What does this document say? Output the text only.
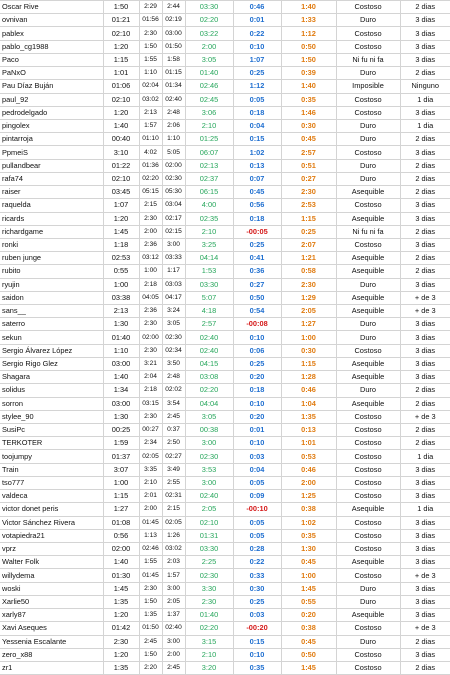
Oscar Rive	1:50	2:29	2:44	03:30	0:46	1:40	Costoso	2 dias
ovnivan	01:21	01:56	02:19	02:20	0:01	1:33	Duro	3 dias
pablex	02:10	2:30	03:00	03:22	0:22	1:12	Costoso	3 dias
pablo_cg1988	1:20	1:50	01:50	2:00	0:10	0:50	Costoso	3 dias
Paco	1:15	1:55	1:58	3:05	1:07	1:50	Ni fu ni fa	3 dias
PaNxO	1:01	1:10	01:15	01:40	0:25	0:39	Duro	2 dias
Pau Díaz Buján	01:06	02:04	01:34	02:46	1:12	1:40	Imposible	Ninguno
paul_92	02:10	03:02	02:40	02:45	0:05	0:35	Costoso	1 dia
pedrodelgado	1:20	2:13	2:48	3:06	0:18	1:46	Costoso	3 dias
pingolex	1:40	1:57	2:06	2:10	0:04	0:30	Duro	1 dia
pintarroja	00:40	01:10	1:10	01:25	0:15	0:45	Duro	2 dias
PpmeiS	3:10	4:02	5:05	06:07	1:02	2:57	Costoso	3 dias
pullandbear	01:22	01:36	02:00	02:13	0:13	0:51	Duro	2 dias
rafa74	02:10	02:20	02:30	02:37	0:07	0:27	Duro	2 dias
raiser	03:45	05:15	05:30	06:15	0:45	2:30	Asequible	2 dias
raquelda	1:07	2:15	03:04	4:00	0:56	2:53	Costoso	3 dias
ricards	1:20	2:30	02:17	02:35	0:18	1:15	Asequible	3 dias
richardgame	1:45	2:00	02:15	2:10	-00:05	0:25	Ni fu ni fa	2 dias
ronki	1:18	2:36	3:00	3:25	0:25	2:07	Costoso	3 dias
ruben junge	02:53	03:12	03:33	04:14	0:41	1:21	Asequible	2 dias
rubito	0:55	1:00	1:17	1:53	0:36	0:58	Asequible	2 dias
ryujin	1:00	2:18	03:03	03:30	0:27	2:30	Duro	3 dias
saidon	03:38	04:05	04:17	5:07	0:50	1:29	Asequible	+ de 3
sans__	2:13	2:36	3:24	4:18	0:54	2:05	Asequible	+ de 3
saterro	1:30	2:30	3:05	2:57	-00:08	1:27	Duro	3 dias
sekun	01:40	02:00	02:30	02:40	0:10	1:00	Duro	3 dias
Sergio Álvarez López	1:10	2:30	02:34	02:40	0:06	0:30	Costoso	3 dias
Sergio Rigo Glez	03:00	3:21	3:50	04:15	0:25	1:15	Asequible	3 dias
Shagara	1:40	2:04	2:48	03:08	0:20	1:28	Asequible	3 dias
solidus	1:34	2:18	02:02	02:20	0:18	0:46	Duro	2 dias
sorron	03:00	03:15	3:54	04:04	0:10	1:04	Asequible	2 dias
stylee_90	1:30	2:30	2:45	3:05	0:20	1:35	Costoso	+ de 3
SusiPc	00:25	00:27	0:37	00:38	0:01	0:13	Costoso	2 dias
TERKOTER	1:59	2:34	2:50	3:00	0:10	1:01	Costoso	2 dias
toojumpy	01:37	02:05	02:27	02:30	0:03	0:53	Costoso	1 dia
Train	3:07	3:35	3:49	3:53	0:04	0:46	Costoso	3 dias
tso777	1:00	2:10	2:55	3:00	0:05	2:00	Costoso	3 dias
valdeca	1:15	2:01	02:31	02:40	0:09	1:25	Costoso	3 dias
victor donet peris	1:27	2:00	2:15	2:05	-00:10	0:38	Asequible	1 dia
Victor Sánchez Rivera	01:08	01:45	02:05	02:10	0:05	1:02	Costoso	3 dias
votapiedra21	0:56	1:13	1:26	01:31	0:05	0:35	Costoso	3 dias
vprz	02:00	02:46	03:02	03:30	0:28	1:30	Costoso	3 dias
Walter Folk	1:40	1:55	2:03	2:25	0:22	0:45	Asequible	3 dias
willydema	01:30	01:45	1:57	02:30	0:33	1:00	Costoso	+ de 3
woski	1:45	2:30	3:00	3:30	0:30	1:45	Duro	3 dias
Xarlie50	1:35	1:50	2:05	2:30	0:25	0:55	Duro	3 dias
xarly87	1:20	1:35	1:37	01:40	0:03	0:20	Asequible	3 dias
Xavi Aseques	01:42	01:50	02:40	02:20	-00:20	0:38	Costoso	+ de 3
Yessenia Escalante	2:30	2:45	3:00	3:15	0:15	0:45	Duro	2 dias
zero_x88	1:20	1:50	2:00	2:10	0:10	0:50	Costoso	3 dias
zr1	1:35	2:20	2:45	3:20	0:35	1:45	Costoso	2 dias
